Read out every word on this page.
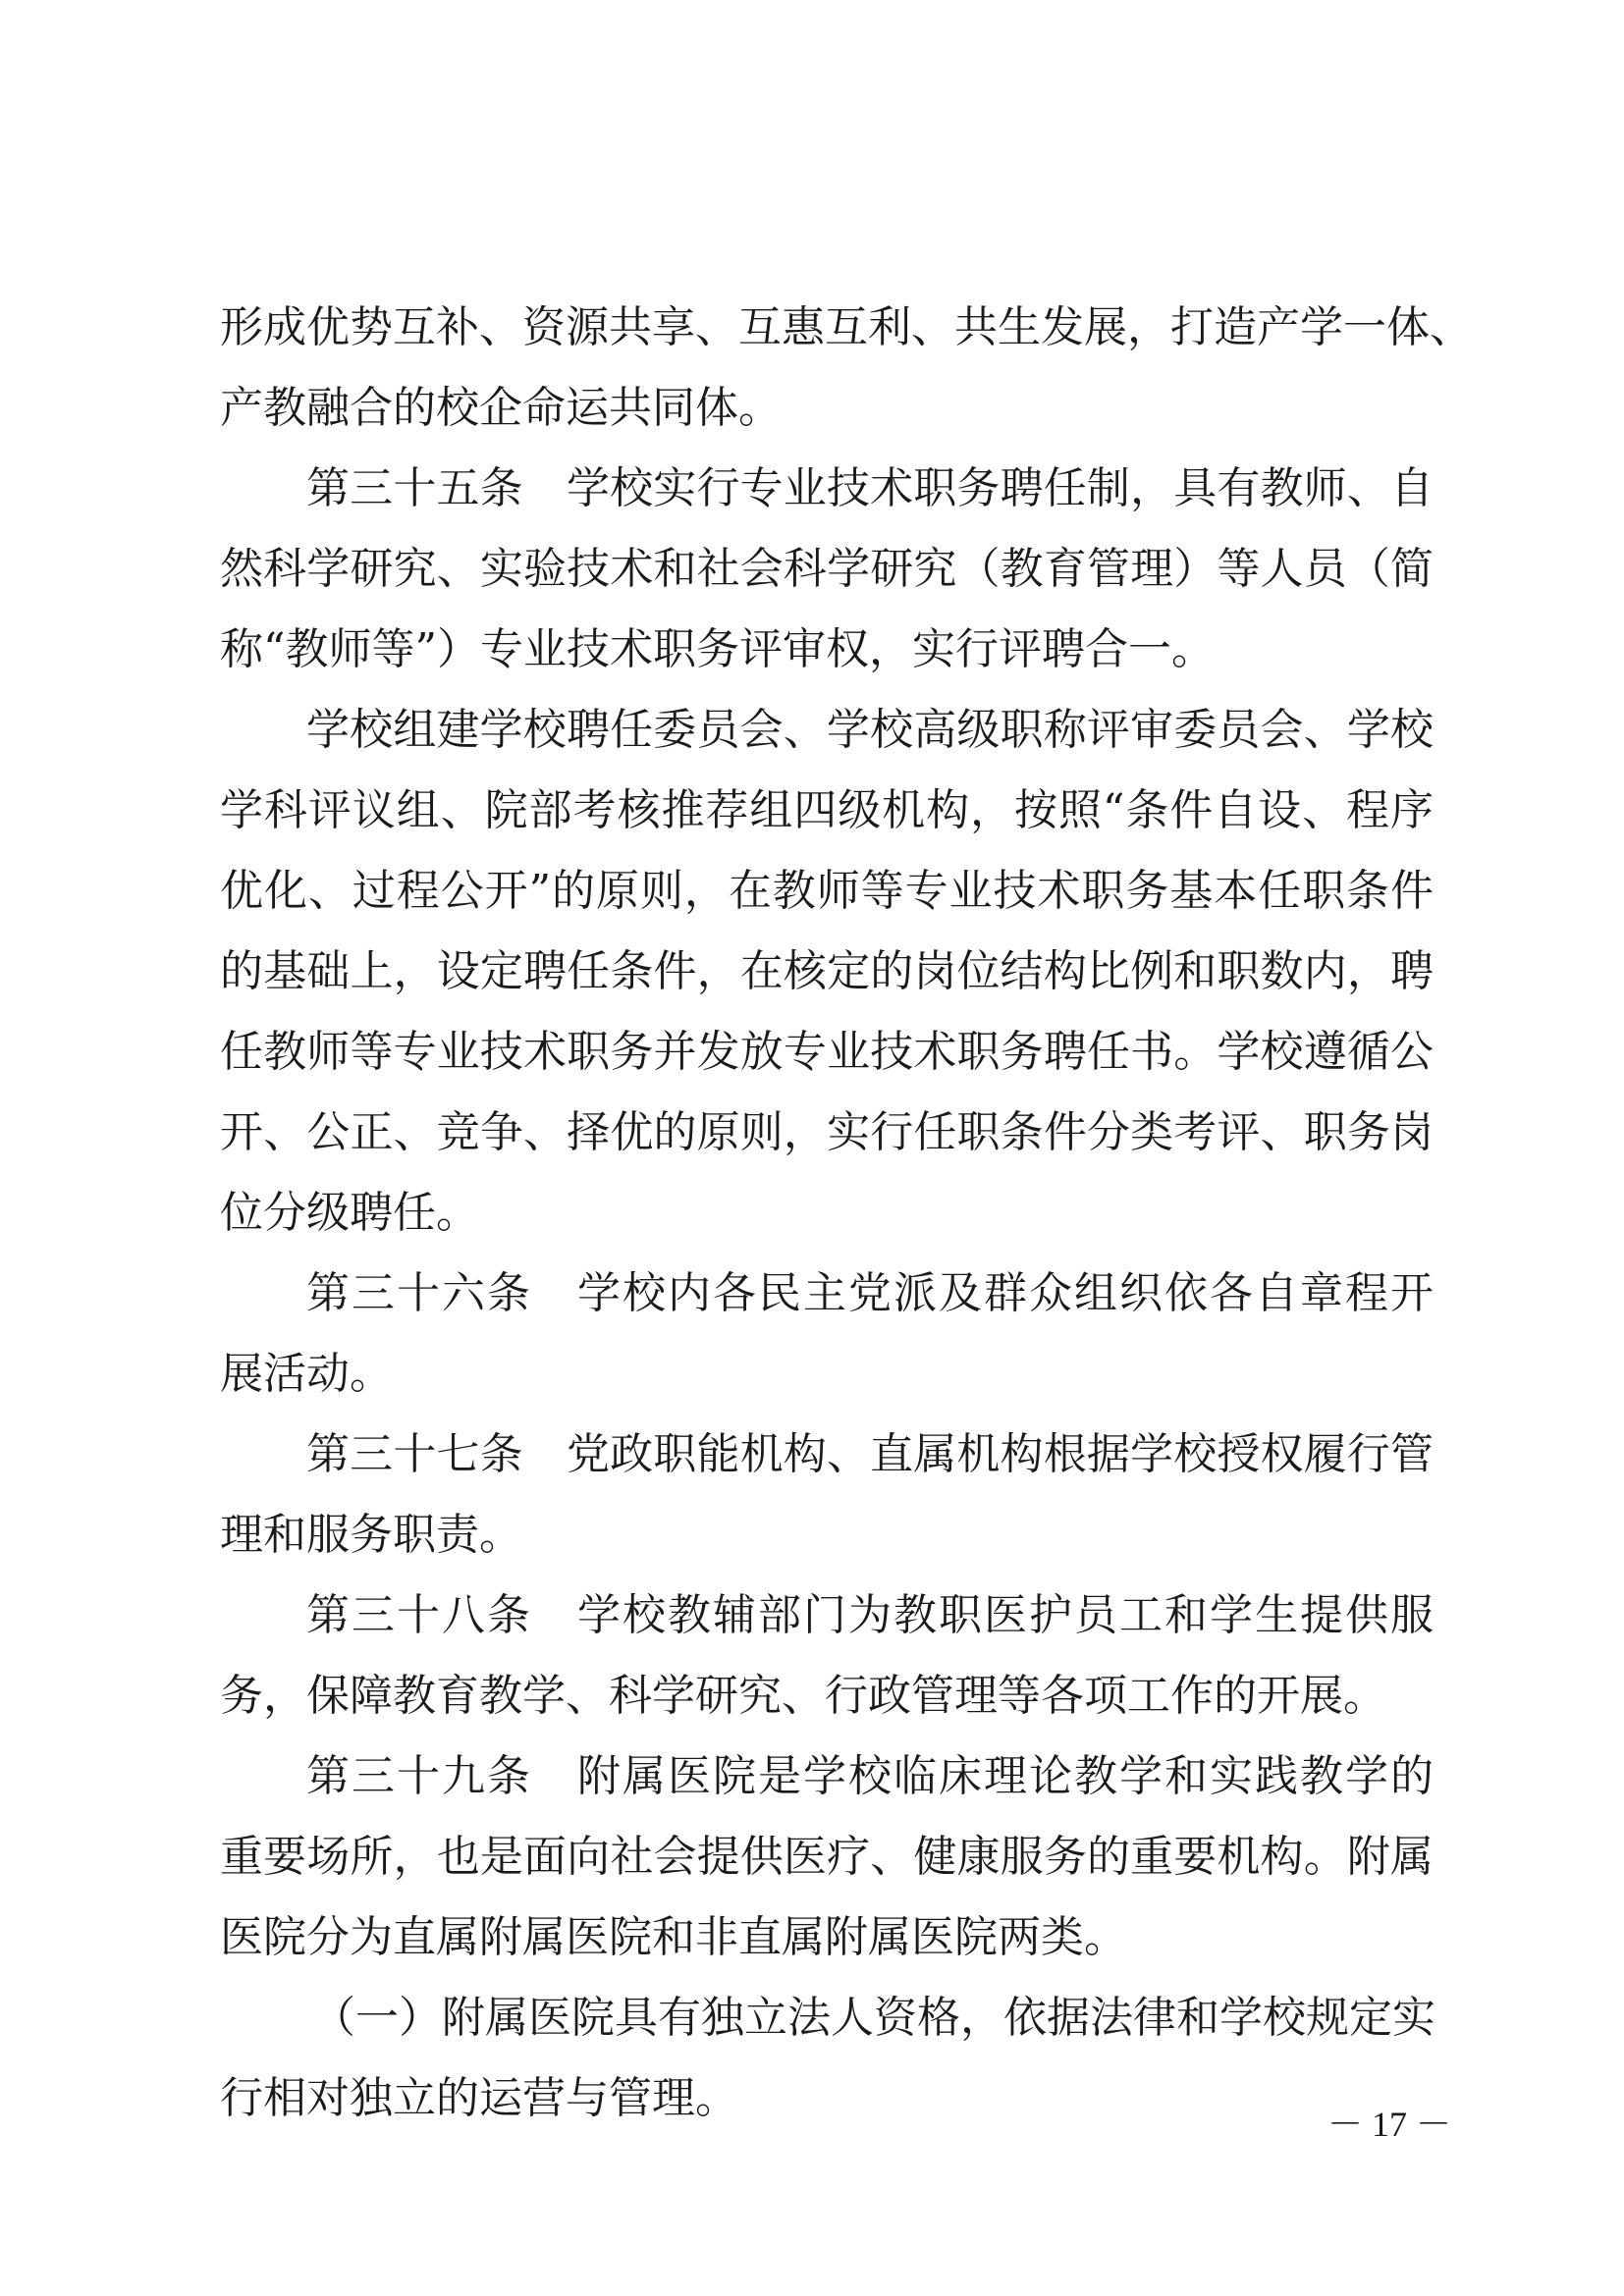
形成优势互补、资源共享、互惠互利、共生发展，打造产学一体、
产教融合的校企命运共同体。
第三十五条　学校实行专业技术职务聘任制，具有教师、自
然科学研究、实验技术和社会科学研究（教育管理）等人员（简
称“教师等”）专业技术职务评审权，实行评聘合一。
学校组建学校聘任委员会、学校高级职称评审委员会、学校
学科评议组、院部考核推荐组四级机构，按照“条件自设、程序
优化、过程公开”的原则，在教师等专业技术职务基本任职条件
的基础上，设定聘任条件，在核定的岗位结构比例和职数内，聘
任教师等专业技术职务并发放专业技术职务聘任书。学校遵循公
开、公正、竞争、择优的原则，实行任职条件分类考评、职务岗
位分级聘任。
第三十六条　学校内各民主党派及群众组织依各自章程开
展活动。
第三十七条　党政职能机构、直属机构根据学校授权履行管
理和服务职责。
第三十八条　学校教辅部门为教职医护员工和学生提供服
务，保障教育教学、科学研究、行政管理等各项工作的开展。
第三十九条　附属医院是学校临床理论教学和实践教学的
重要场所，也是面向社会提供医疗、健康服务的重要机构。附属
医院分为直属附属医院和非直属附属医院两类。
（一）附属医院具有独立法人资格，依据法律和学校规定实
行相对独立的运营与管理。
－ 17 －
